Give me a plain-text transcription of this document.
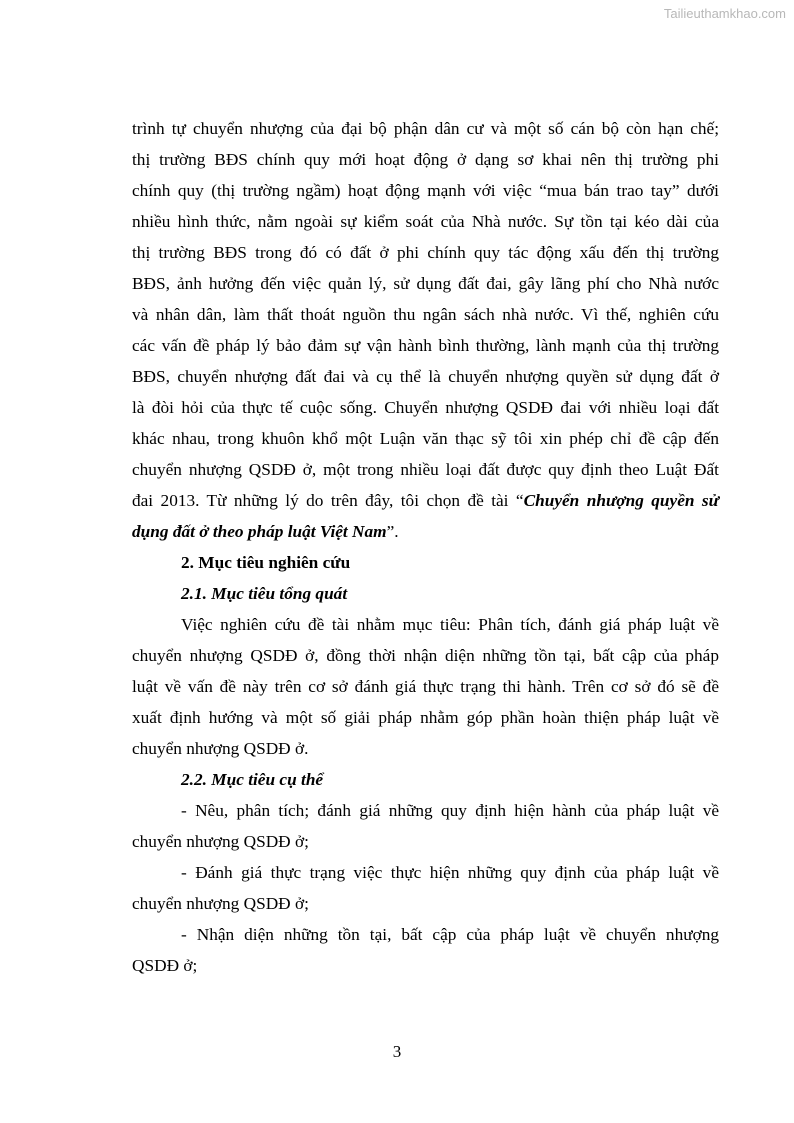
Tailieuthamkhao.com
trình tự chuyển nhượng của đại bộ phận dân cư và một số cán bộ còn hạn chế;
thị trường BĐS chính quy mới hoạt động ở dạng sơ khai nên thị trường phi
chính quy (thị trường ngầm) hoạt động mạnh với việc “mua bán trao tay” dưới
nhiều hình thức, nằm ngoài sự kiểm soát của Nhà nước. Sự tồn tại kéo dài của
thị trường BĐS trong đó có đất ở phi chính quy tác động xấu đến thị trường
BĐS, ảnh hưởng đến việc quản lý, sử dụng đất đai, gây lãng phí cho Nhà nước
và nhân dân, làm thất thoát nguồn thu ngân sách nhà nước. Vì thế, nghiên cứu
các vấn đề pháp lý bảo đảm sự vận hành bình thường, lành mạnh của thị trường
BĐS, chuyển nhượng đất đai và cụ thể là chuyển nhượng quyền sử dụng đất ở
là đòi hỏi của thực tế cuộc sống. Chuyển nhượng QSDĐ đai với nhiều loại đất
khác nhau, trong khuôn khổ một Luận văn thạc sỹ tôi xin phép chỉ đề cập đến
chuyển nhượng QSDĐ ở, một trong nhiều loại đất được quy định theo Luật Đất
đai 2013. Từ những lý do trên đây, tôi chọn đề tài “Chuyển nhượng quyền sử
dụng đất ở theo pháp luật Việt Nam”.
2. Mục tiêu nghiên cứu
2.1. Mục tiêu tổng quát
Việc nghiên cứu đề tài nhằm mục tiêu: Phân tích, đánh giá pháp luật về
chuyển nhượng QSDĐ ở, đồng thời nhận diện những tồn tại, bất cập của pháp
luật về vấn đề này trên cơ sở đánh giá thực trạng thi hành. Trên cơ sở đó sẽ đề
xuất định hướng và một số giải pháp nhằm góp phần hoàn thiện pháp luật về
chuyển nhượng QSDĐ ở.
2.2. Mục tiêu cụ thể
- Nêu, phân tích; đánh giá những quy định hiện hành của pháp luật về
chuyển nhượng QSDĐ ở;
- Đánh giá thực trạng việc thực hiện những quy định của pháp luật về
chuyển nhượng QSDĐ ở;
- Nhận diện những tồn tại, bất cập của pháp luật về chuyển nhượng
QSDĐ ở;
3
